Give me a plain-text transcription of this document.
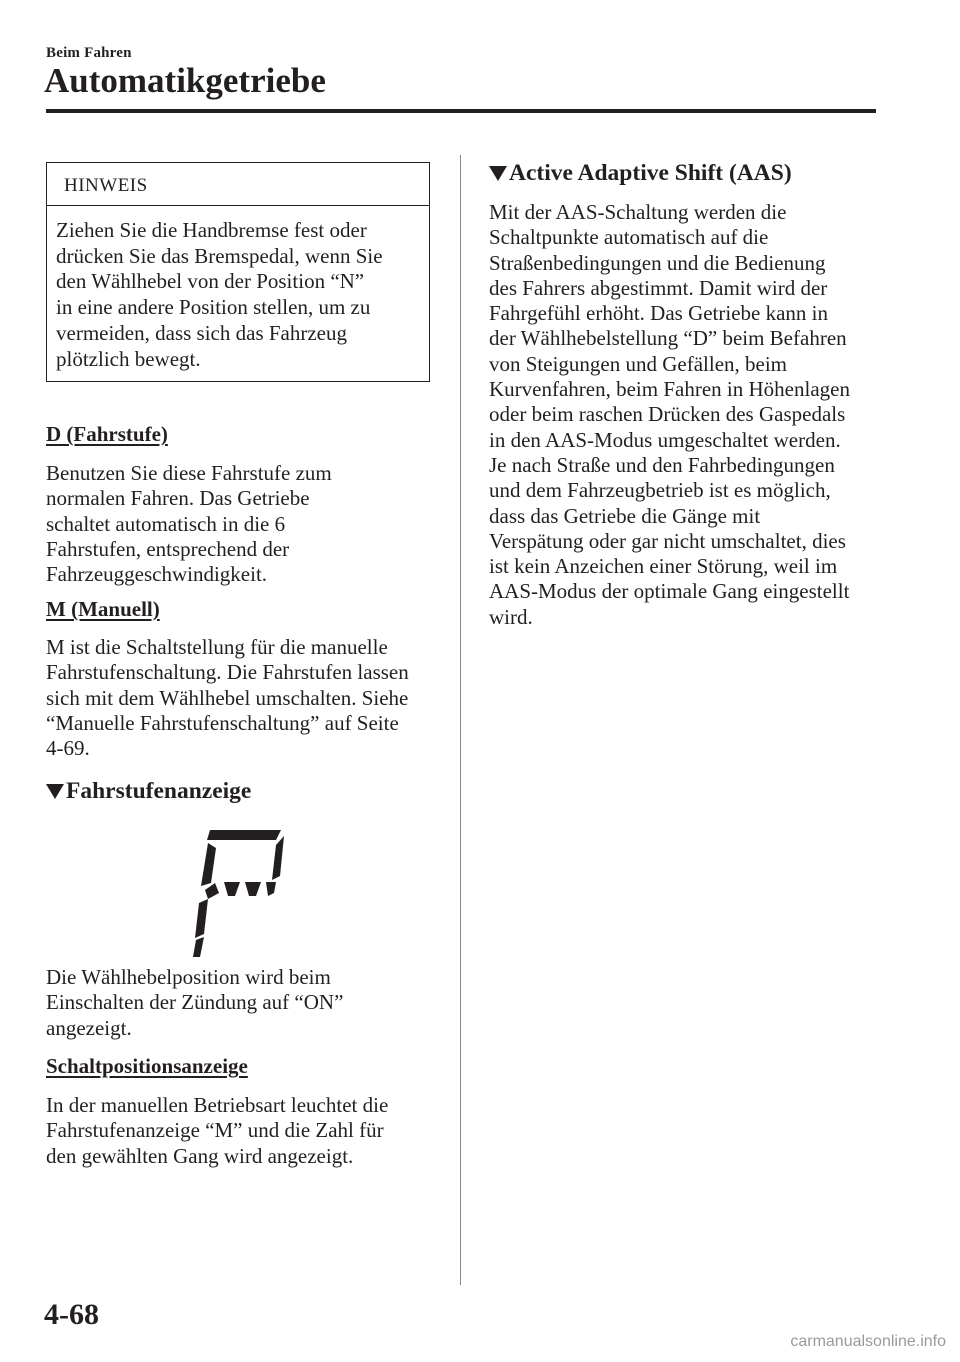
Beim Fahren
Automatikgetriebe
HINWEIS
Ziehen Sie die Handbremse fest oder
drücken Sie das Bremspedal, wenn Sie
den Wählhebel von der Position “N”
in eine andere Position stellen, um zu
vermeiden, dass sich das Fahrzeug
plötzlich bewegt.
D (Fahrstufe)
Benutzen Sie diese Fahrstufe zum
normalen Fahren. Das Getriebe
schaltet automatisch in die 6
Fahrstufen, entsprechend der
Fahrzeuggeschwindigkeit.
M (Manuell)
M ist die Schaltstellung für die manuelle
Fahrstufenschaltung. Die Fahrstufen lassen
sich mit dem Wählhebel umschalten. Siehe
“Manuelle Fahrstufenschaltung” auf Seite
4-69.
Fahrstufenanzeige
Die Wählhebelposition wird beim
Einschalten der Zündung auf “ON”
angezeigt.
Schaltpositionsanzeige
In der manuellen Betriebsart leuchtet die
Fahrstufenanzeige “M” und die Zahl für
den gewählten Gang wird angezeigt.
Active Adaptive Shift (AAS)
Mit der AAS-Schaltung werden die
Schaltpunkte automatisch auf die
Straßenbedingungen und die Bedienung
des Fahrers abgestimmt. Damit wird der
Fahrgefühl erhöht. Das Getriebe kann in
der Wählhebelstellung “D” beim Befahren
von Steigungen und Gefällen, beim
Kurvenfahren, beim Fahren in Höhenlagen
oder beim raschen Drücken des Gaspedals
in den AAS-Modus umgeschaltet werden.
Je nach Straße und den Fahrbedingungen
und dem Fahrzeugbetrieb ist es möglich,
dass das Getriebe die Gänge mit
Verspätung oder gar nicht umschaltet, dies
ist kein Anzeichen einer Störung, weil im
AAS-Modus der optimale Gang eingestellt
wird.
4-68
carmanualsonline.info
